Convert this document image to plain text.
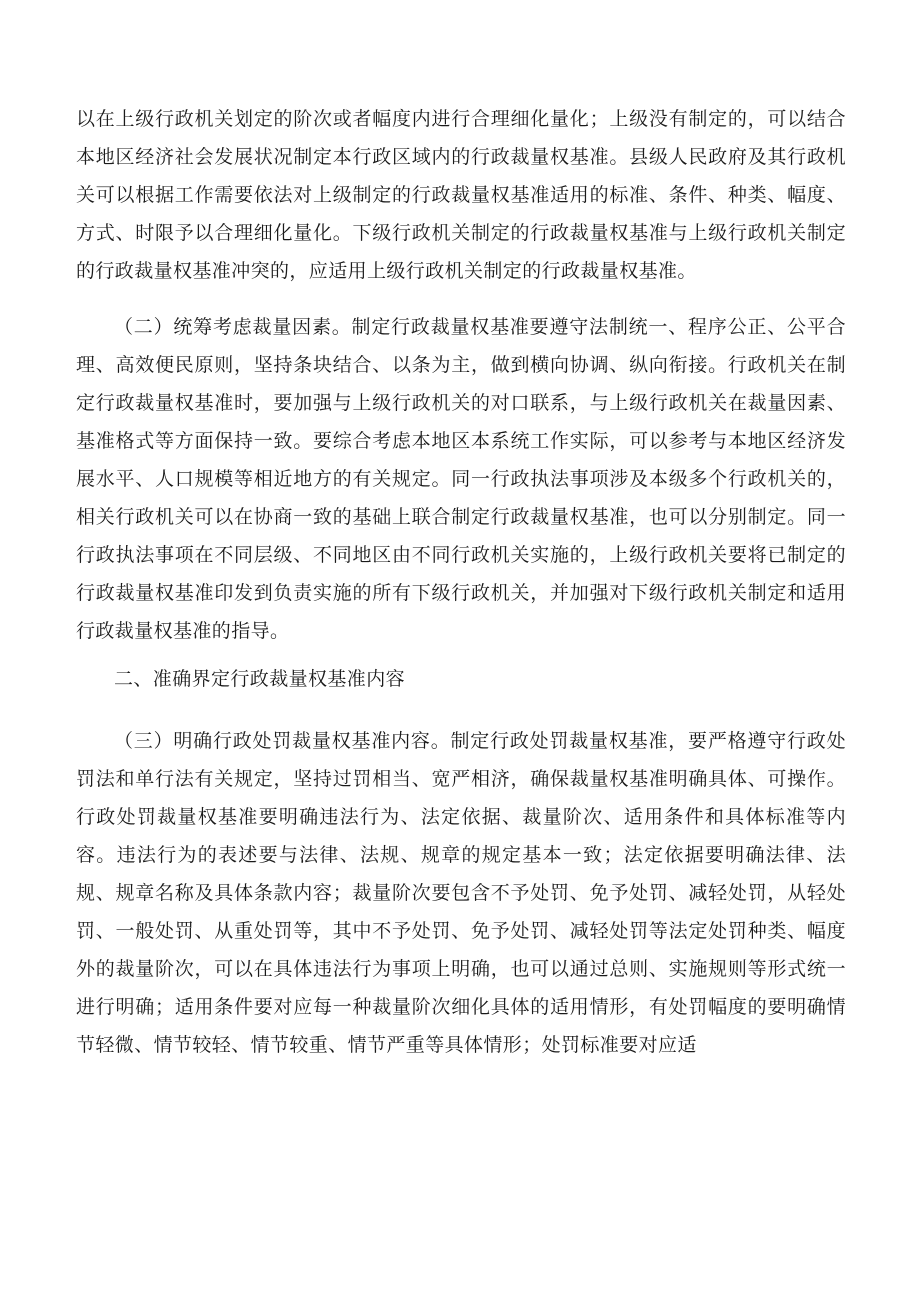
以在上级行政机关划定的阶次或者幅度内进行合理细化量化；上级没有制定的，可以结合本地区经济社会发展状况制定本行政区域内的行政裁量权基准。县级人民政府及其行政机关可以根据工作需要依法对上级制定的行政裁量权基准适用的标准、条件、种类、幅度、方式、时限予以合理细化量化。下级行政机关制定的行政裁量权基准与上级行政机关制定的行政裁量权基准冲突的，应适用上级行政机关制定的行政裁量权基准。

（二）统筹考虑裁量因素。制定行政裁量权基准要遵守法制统一、程序公正、公平合理、高效便民原则，坚持条块结合、以条为主，做到横向协调、纵向衔接。行政机关在制定行政裁量权基准时，要加强与上级行政机关的对口联系，与上级行政机关在裁量因素、基准格式等方面保持一致。要综合考虑本地区本系统工作实际，可以参考与本地区经济发展水平、人口规模等相近地方的有关规定。同一行政执法事项涉及本级多个行政机关的，相关行政机关可以在协商一致的基础上联合制定行政裁量权基准，也可以分别制定。同一行政执法事项在不同层级、不同地区由不同行政机关实施的，上级行政机关要将已制定的行政裁量权基准印发到负责实施的所有下级行政机关，并加强对下级行政机关制定和适用行政裁量权基准的指导。

二、准确界定行政裁量权基准内容

（三）明确行政处罚裁量权基准内容。制定行政处罚裁量权基准，要严格遵守行政处罚法和单行法有关规定，坚持过罚相当、宽严相济，确保裁量权基准明确具体、可操作。行政处罚裁量权基准要明确违法行为、法定依据、裁量阶次、适用条件和具体标准等内容。违法行为的表述要与法律、法规、规章的规定基本一致；法定依据要明确法律、法规、规章名称及具体条款内容；裁量阶次要包含不予处罚、免予处罚、减轻处罚，从轻处罚、一般处罚、从重处罚等，其中不予处罚、免予处罚、减轻处罚等法定处罚种类、幅度外的裁量阶次，可以在具体违法行为事项上明确，也可以通过总则、实施规则等形式统一进行明确；适用条件要对应每一种裁量阶次细化具体的适用情形，有处罚幅度的要明确情节轻微、情节较轻、情节较重、情节严重等具体情形；处罚标准要对应适
